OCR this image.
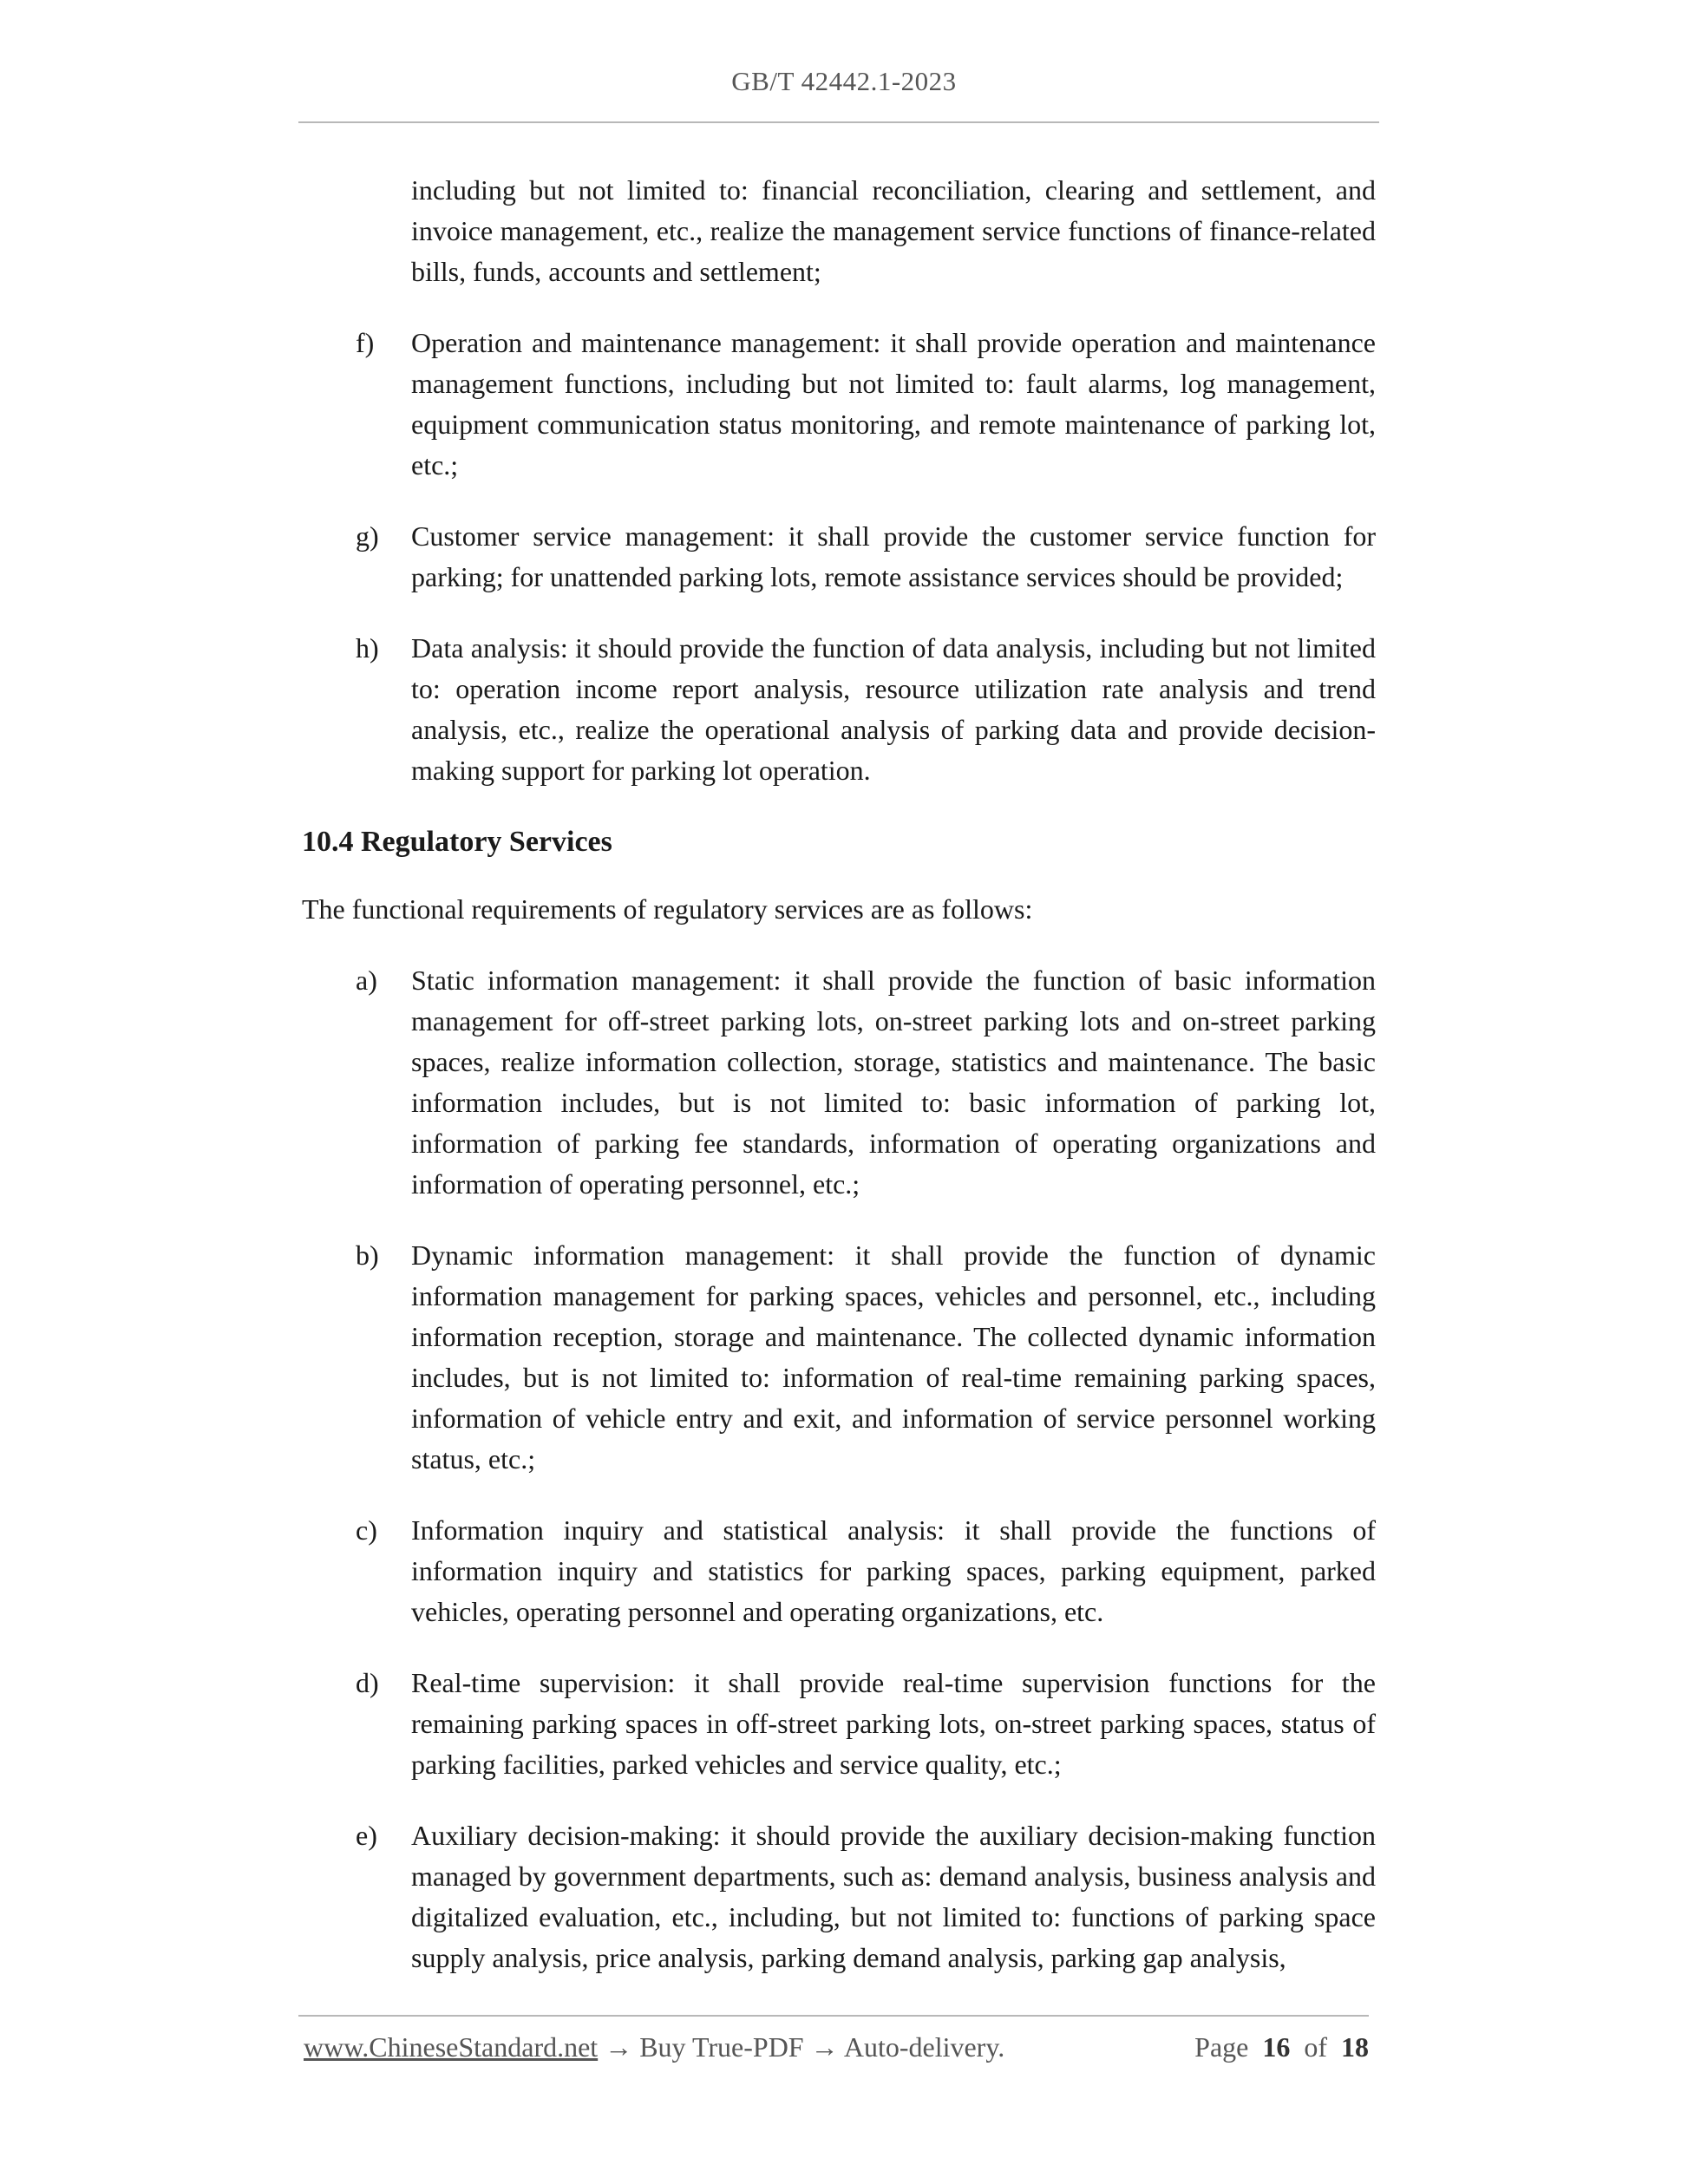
GB/T 42442.1-2023
including but not limited to: financial reconciliation, clearing and settlement, and invoice management, etc., realize the management service functions of finance-related bills, funds, accounts and settlement;
f) Operation and maintenance management: it shall provide operation and maintenance management functions, including but not limited to: fault alarms, log management, equipment communication status monitoring, and remote maintenance of parking lot, etc.;
g) Customer service management: it shall provide the customer service function for parking; for unattended parking lots, remote assistance services should be provided;
h) Data analysis: it should provide the function of data analysis, including but not limited to: operation income report analysis, resource utilization rate analysis and trend analysis, etc., realize the operational analysis of parking data and provide decision-making support for parking lot operation.
10.4 Regulatory Services
The functional requirements of regulatory services are as follows:
a) Static information management: it shall provide the function of basic information management for off-street parking lots, on-street parking lots and on-street parking spaces, realize information collection, storage, statistics and maintenance. The basic information includes, but is not limited to: basic information of parking lot, information of parking fee standards, information of operating organizations and information of operating personnel, etc.;
b) Dynamic information management: it shall provide the function of dynamic information management for parking spaces, vehicles and personnel, etc., including information reception, storage and maintenance. The collected dynamic information includes, but is not limited to: information of real-time remaining parking spaces, information of vehicle entry and exit, and information of service personnel working status, etc.;
c) Information inquiry and statistical analysis: it shall provide the functions of information inquiry and statistics for parking spaces, parking equipment, parked vehicles, operating personnel and operating organizations, etc.
d) Real-time supervision: it shall provide real-time supervision functions for the remaining parking spaces in off-street parking lots, on-street parking spaces, status of parking facilities, parked vehicles and service quality, etc.;
e) Auxiliary decision-making: it should provide the auxiliary decision-making function managed by government departments, such as: demand analysis, business analysis and digitalized evaluation, etc., including, but not limited to: functions of parking space supply analysis, price analysis, parking demand analysis, parking gap analysis,
www.ChineseStandard.net → Buy True-PDF → Auto-delivery.	Page 16 of 18
